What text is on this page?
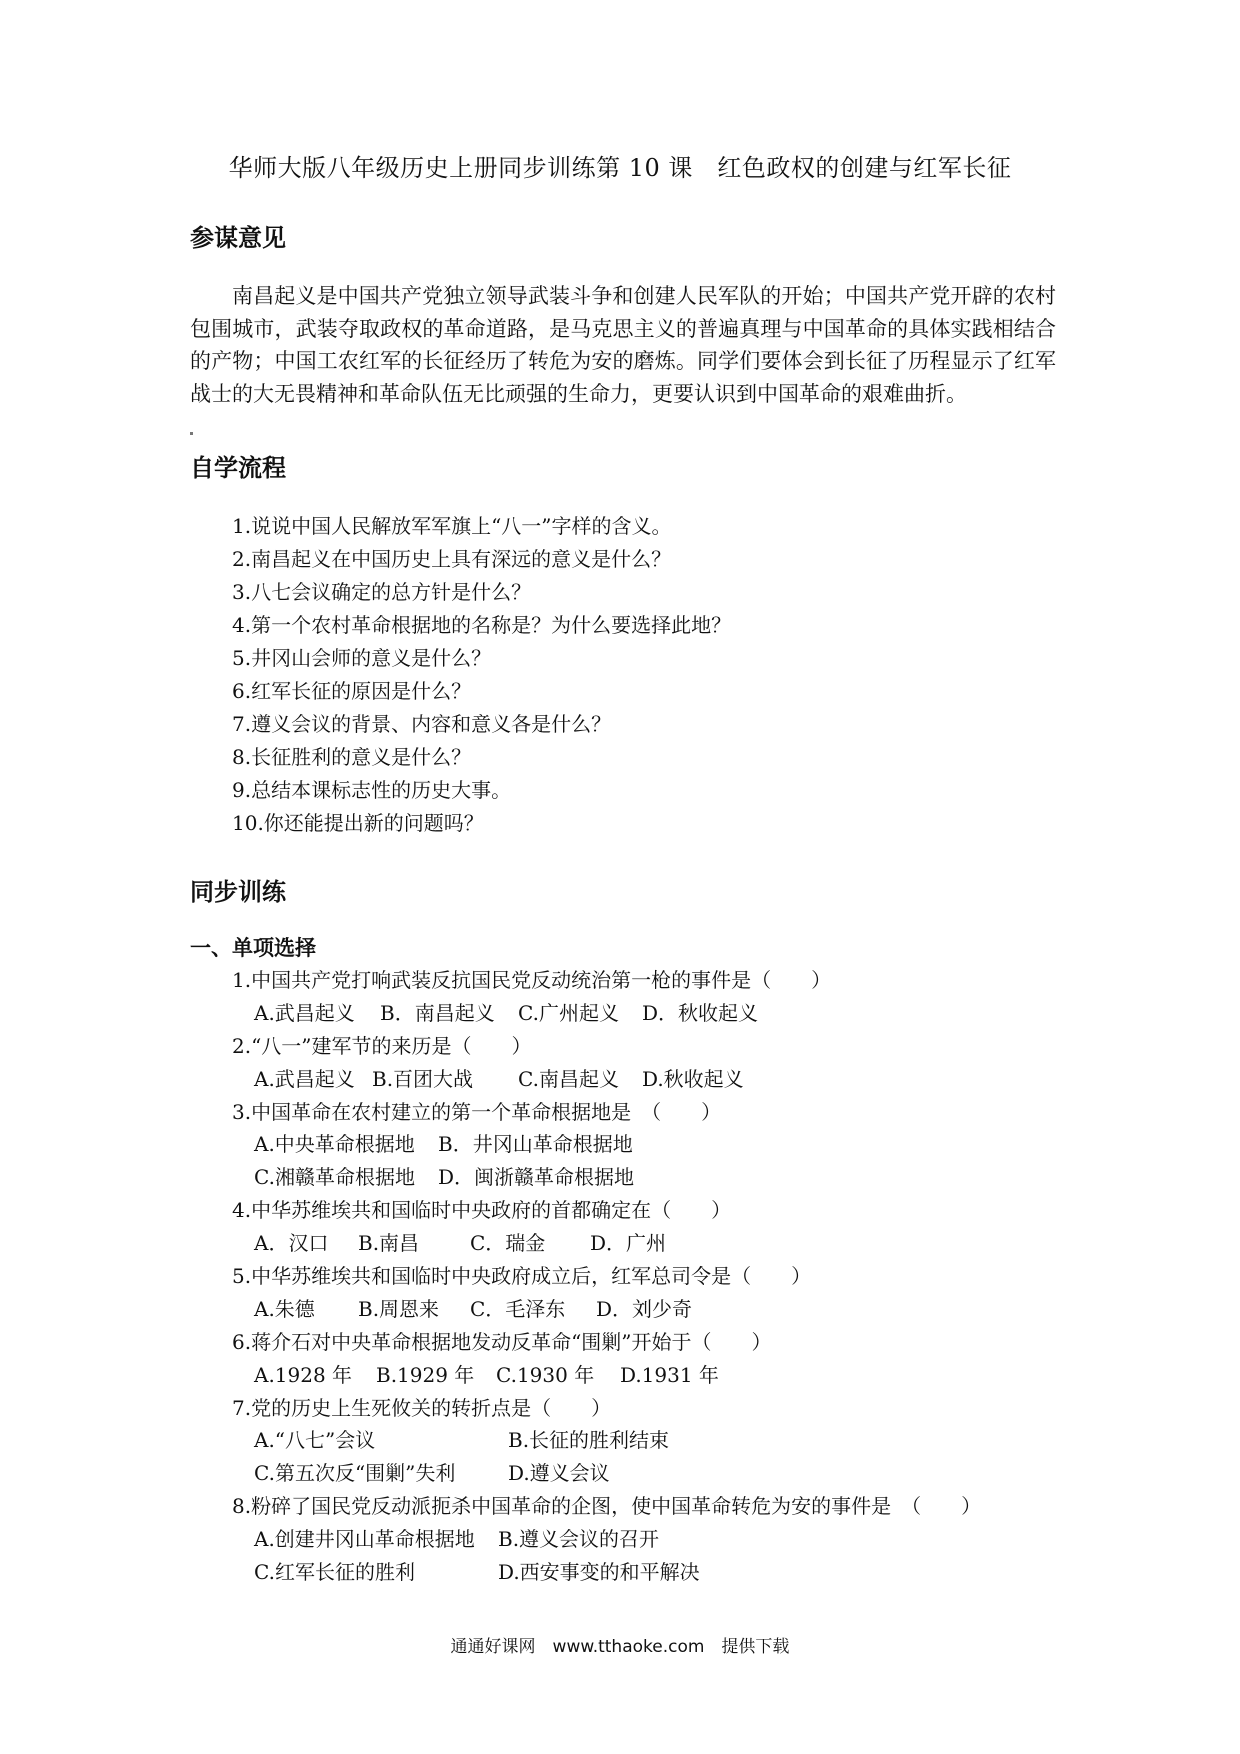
华师大版八年级历史上册同步训练第 10 课　红色政权的创建与红军长征
参谋意见

南昌起义是中国共产党独立领导武装斗争和创建人民军队的开始；中国共产党开辟的农村包围城市，武装夺取政权的革命道路，是马克思主义的普遍真理与中国革命的具体实践相结合的产物；中国工农红军的长征经历了转危为安的磨炼。同学们要体会到长征了历程显示了红军战士的大无畏精神和革命队伍无比顽强的生命力，更要认识到中国革命的艰难曲折。

自学流程
1.说说中国人民解放军军旗上“八一”字样的含义。
2.南昌起义在中国历史上具有深远的意义是什么？
3.八七会议确定的总方针是什么？
4.第一个农村革命根据地的名称是？为什么要选择此地？
5.井冈山会师的意义是什么？
6.红军长征的原因是什么？
7.遵义会议的背景、内容和意义各是什么？
8.长征胜利的意义是什么？
9.总结本课标志性的历史大事。
10.你还能提出新的问题吗？
同步训练
一、单项选择
1.中国共产党打响武装反抗国民党反动统治第一枪的事件是（　　）
A.武昌起义 B．南昌起义 C.广州起义 D．秋收起义
2.“八一”建军节的来历是（　　）
A.武昌起义 B.百团大战 C.南昌起义 D.秋收起义
3.中国革命在农村建立的第一个革命根据地是　（　　）
A.中央革命根据地 B．井冈山革命根据地
C.湘赣革命根据地 D．闽浙赣革命根据地
4.中华苏维埃共和国临时中央政府的首都确定在（　　）
A．汉口 B.南昌	C．瑞金 D．广州
5.中华苏维埃共和国临时中央政府成立后，红军总司令是（　　）
A.朱德 B.周恩来 C．毛泽东 D．刘少奇
6.蒋介石对中央革命根据地发动反革命“围剿”开始于（　　）
A.1928 年 B.1929 年 C.1930 年 D.1931 年
7.党的历史上生死攸关的转折点是（　　）
A.“八七”会议	B.长征的胜利结束
C.第五次反“围剿”失利	D.遵义会议
8.粉碎了国民党反动派扼杀中国革命的企图，使中国革命转危为安的事件是　（　　）
A.创建井冈山革命根据地 B.遵义会议的召开
C.红军长征的胜利	D.西安事变的和平解决
通通好课网　www.tthaoke.com　提供下载
